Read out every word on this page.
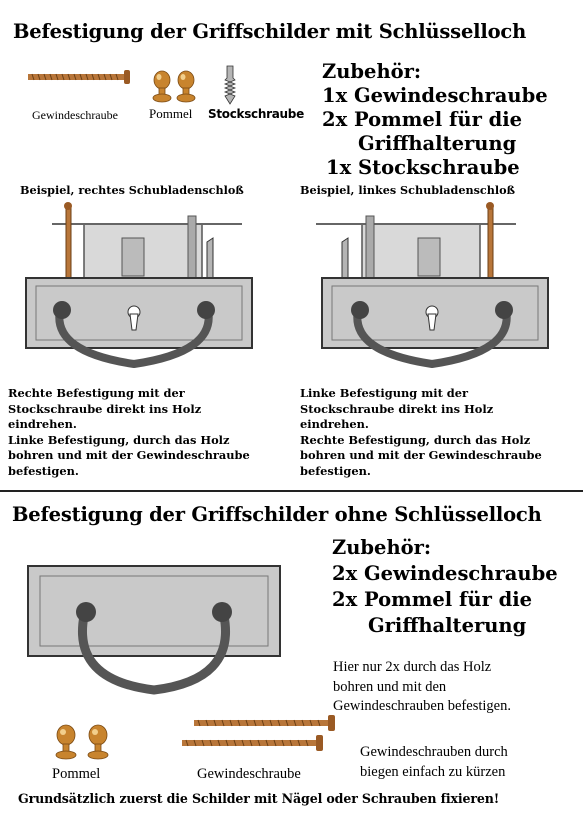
Befestigung der Griffschilder mit Schlüsselloch
Gewindeschraube Pommel Stockschraube
Zubehör:
1x Gewindeschraube
2x Pommel für die
Griffhalterung
1x Stockschraube
Beispiel, rechtes Schubladenschloß	Beispiel, linkes Schubladenschloß
Rechte Befestigung mit der
Stockschraube direkt ins Holz
eindrehen.
Linke Befestigung, durch das Holz
bohren und mit der Gewindeschraube
befestigen.
Linke Befestigung mit der
Stockschraube direkt ins Holz
eindrehen.
Rechte Befestigung, durch das Holz
bohren und mit der Gewindeschraube
befestigen.
Befestigung der Griffschilder ohne Schlüsselloch
Zubehör:
2x Gewindeschraube
2x Pommel für die
Griffhalterung
Hier nur 2x durch das Holz
bohren und mit den
Gewindeschrauben befestigen.
Pommel	Gewindeschraube
Gewindeschrauben durch
biegen einfach zu kürzen
Grundsätzlich zuerst die Schilder mit Nägel oder Schrauben fixieren!
